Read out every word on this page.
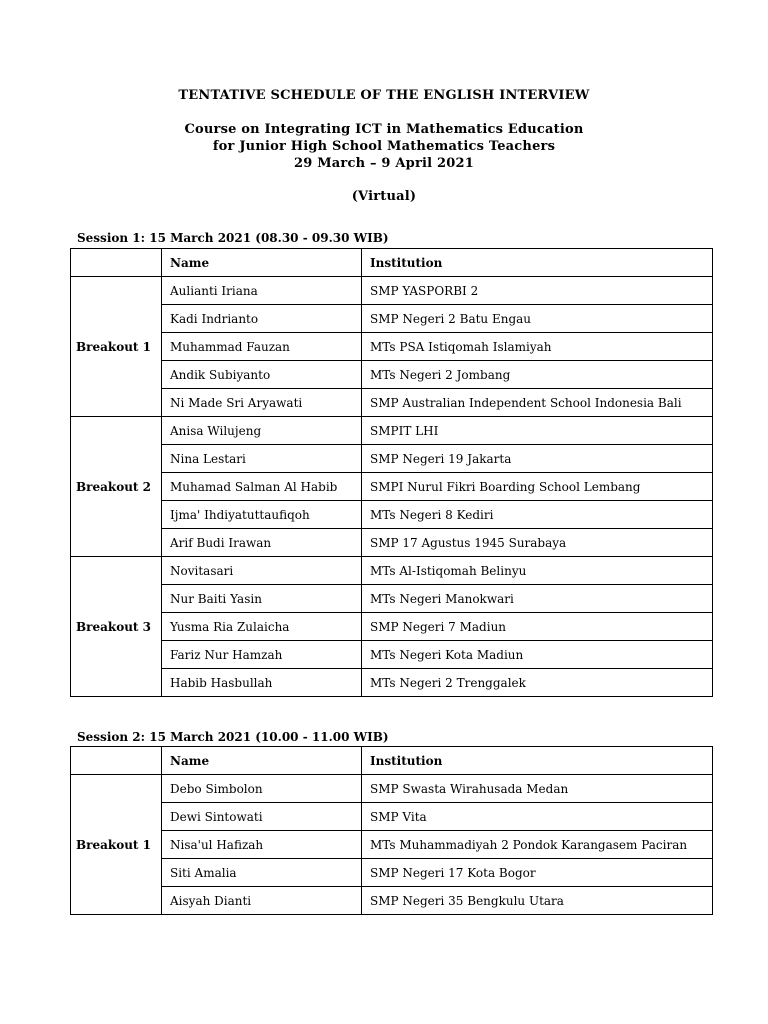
TENTATIVE SCHEDULE OF THE ENGLISH INTERVIEW
Course on Integrating ICT in Mathematics Education
for Junior High School Mathematics Teachers
29 March – 9 April 2021
(Virtual)
Session 1: 15 March 2021 (08.30 - 09.30 WIB)
	Name	Institution
Breakout 1	Aulianti Iriana	SMP YASPORBI 2
	Kadi Indrianto	SMP Negeri 2 Batu Engau
	Muhammad Fauzan	MTs PSA Istiqomah Islamiyah
	Andik Subiyanto	MTs Negeri 2 Jombang
	Ni Made Sri Aryawati	SMP Australian Independent School Indonesia Bali
Breakout 2	Anisa Wilujeng	SMPIT LHI
	Nina Lestari	SMP Negeri 19 Jakarta
	Muhamad Salman Al Habib	SMPI Nurul Fikri Boarding School Lembang
	Ijma' Ihdiyatuttaufiqoh	MTs Negeri 8 Kediri
	Arif Budi Irawan	SMP 17 Agustus 1945 Surabaya
Breakout 3	Novitasari	MTs Al-Istiqomah Belinyu
	Nur Baiti Yasin	MTs Negeri Manokwari
	Yusma Ria Zulaicha	SMP Negeri 7 Madiun
	Fariz Nur Hamzah	MTs Negeri Kota Madiun
	Habib Hasbullah	MTs Negeri 2 Trenggalek
Session 2: 15 March 2021 (10.00 - 11.00 WIB)
	Name	Institution
Breakout 1	Debo Simbolon	SMP Swasta Wirahusada Medan
	Dewi Sintowati	SMP Vita
	Nisa'ul Hafizah	MTs Muhammadiyah 2 Pondok Karangasem Paciran
	Siti Amalia	SMP Negeri 17 Kota Bogor
	Aisyah Dianti	SMP Negeri 35 Bengkulu Utara
